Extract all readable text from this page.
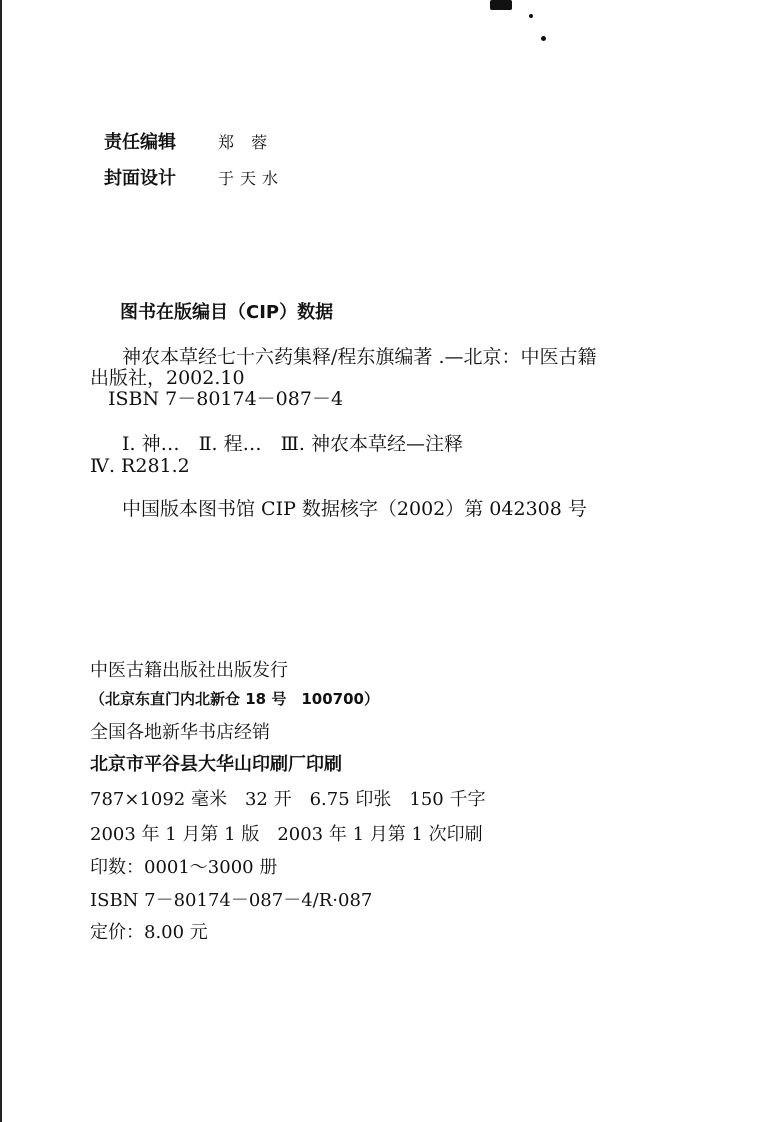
责任编辑	郑 蓉

封面设计	于天水

图书在版编目（CIP）数据

神农本草经七十六药集释/程东旗编著 .—北京：中医古籍

出版社，2002.10

ISBN 7－80174－087－4

Ⅰ. 神…　Ⅱ. 程…　Ⅲ. 神农本草经—注释

Ⅳ. R281.2

中国版本图书馆 CIP 数据核字（2002）第 042308 号

中医古籍出版社出版发行

（北京东直门内北新仓 18 号　100700）

全国各地新华书店经销

北京市平谷县大华山印刷厂印刷

787×1092 毫米　32 开　6.75 印张　150 千字

2003 年 1 月第 1 版　2003 年 1 月第 1 次印刷

印数：0001～3000 册

ISBN 7－80174－087－4/R·087

定价：8.00 元
